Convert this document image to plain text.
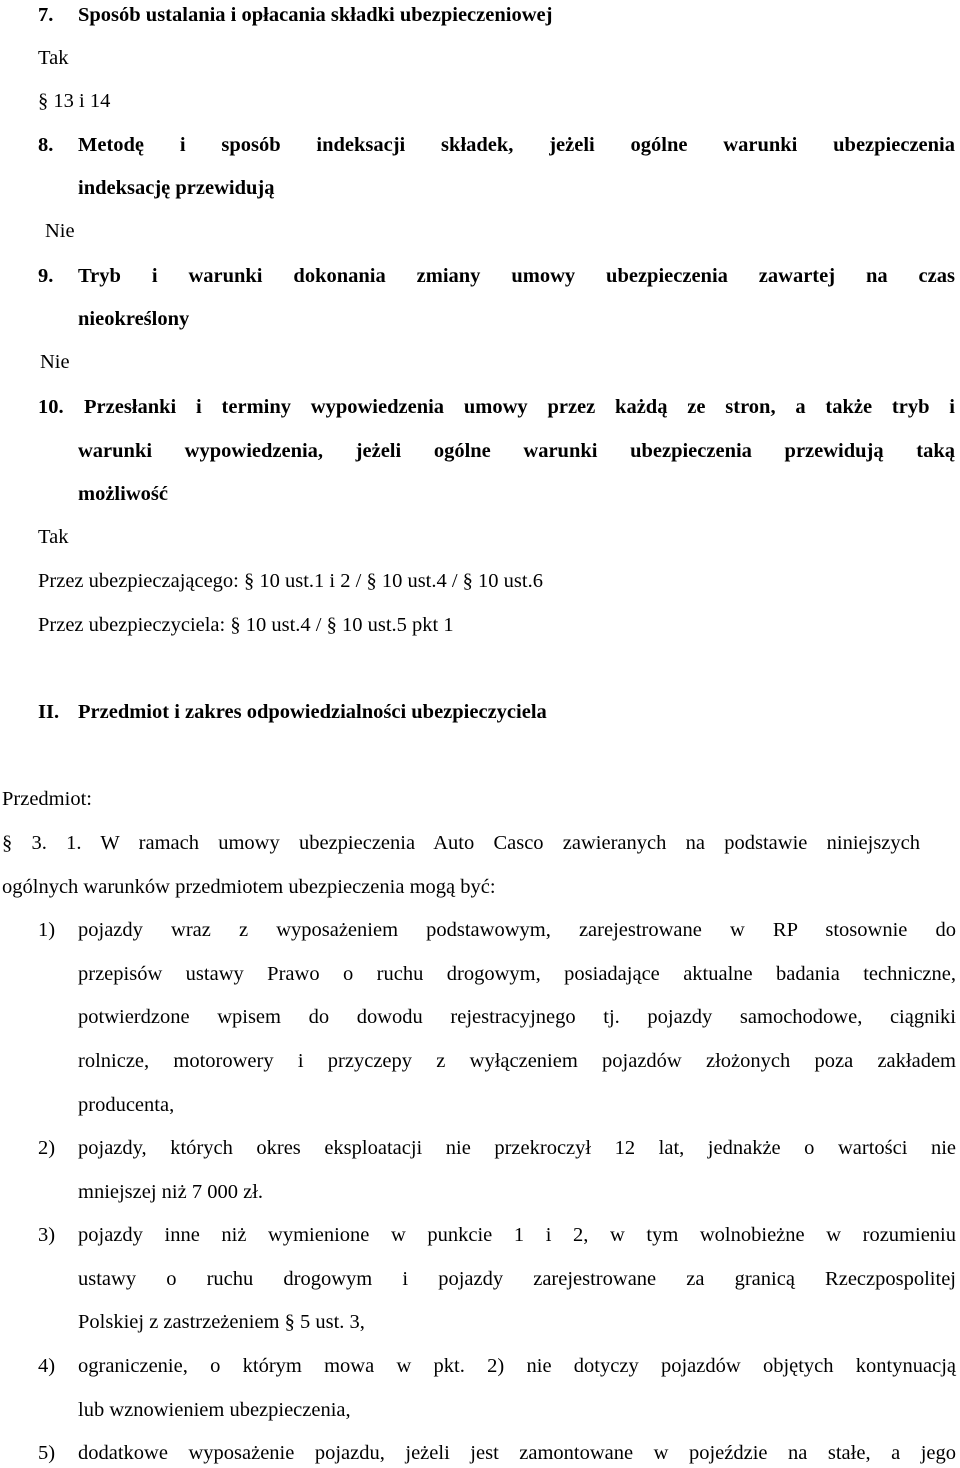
7. Sposób ustalania i opłacania składki ubezpieczeniowej
Tak
§ 13 i 14
8. Metodę i sposób indeksacji składek, jeżeli ogólne warunki ubezpieczenia
indeksację przewidują
Nie
9. Tryb i warunki dokonania zmiany umowy ubezpieczenia zawartej na czas
nieokreślony
Nie
10. Przesłanki i terminy wypowiedzenia umowy przez każdą ze stron, a także tryb i
warunki wypowiedzenia, jeżeli ogólne warunki ubezpieczenia przewidują taką
możliwość
Tak
Przez ubezpieczającego: § 10 ust.1 i 2 / § 10 ust.4 / § 10 ust.6
Przez ubezpieczyciela: § 10 ust.4 / § 10 ust.5 pkt 1
II. Przedmiot i zakres odpowiedzialności ubezpieczyciela
Przedmiot:
§ 3. 1. W ramach umowy ubezpieczenia Auto Casco zawieranych na podstawie niniejszych
ogólnych warunków przedmiotem ubezpieczenia mogą być:
1) pojazdy wraz z wyposażeniem podstawowym, zarejestrowane w RP stosownie do
przepisów ustawy Prawo o ruchu drogowym, posiadające aktualne badania techniczne,
potwierdzone wpisem do dowodu rejestracyjnego tj. pojazdy samochodowe, ciągniki
rolnicze, motorowery i przyczepy z wyłączeniem pojazdów złożonych poza zakładem
producenta,
2) pojazdy, których okres eksploatacji nie przekroczył 12 lat, jednakże o wartości nie
mniejszej niż 7 000 zł.
3) pojazdy inne niż wymienione w punkcie 1 i 2, w tym wolnobieżne w rozumieniu
ustawy o ruchu drogowym i pojazdy zarejestrowane za granicą Rzeczpospolitej
Polskiej z zastrzeżeniem § 5 ust. 3,
4) ograniczenie, o którym mowa w pkt. 2) nie dotyczy pojazdów objętych kontynuacją
lub wznowieniem ubezpieczenia,
5) dodatkowe wyposażenie pojazdu, jeżeli jest zamontowane w pojeździe na stałe, a jego
